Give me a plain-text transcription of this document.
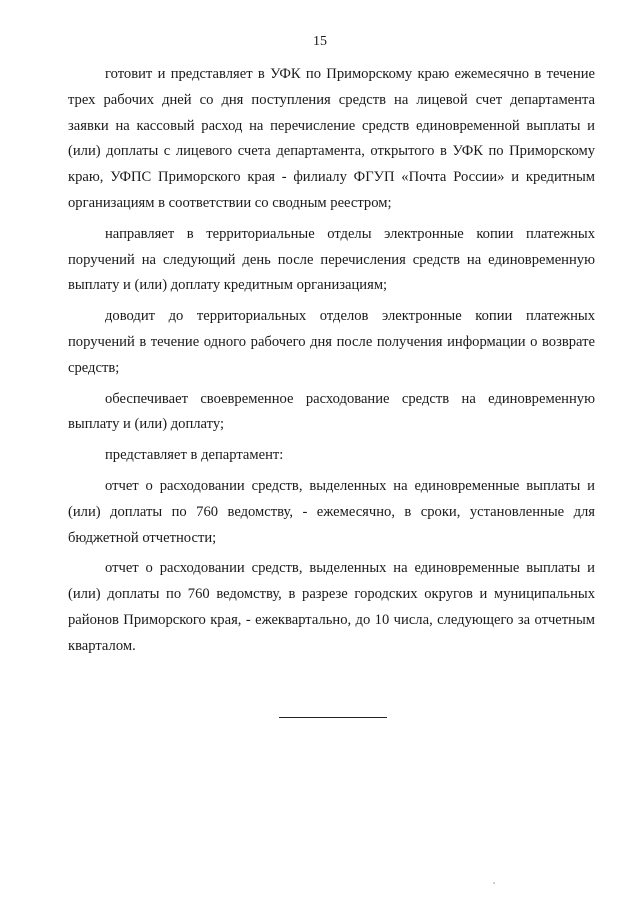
15

готовит и представляет в УФК по Приморскому краю ежемесячно в течение трех рабочих дней со дня поступления средств на лицевой счет департамента заявки на кассовый расход на перечисление средств единовременной выплаты и (или) доплаты с лицевого счета департамента, открытого в УФК по Приморскому краю, УФПС Приморского края - филиалу ФГУП «Почта России» и кредитным организациям в соответствии со сводным реестром;

направляет в территориальные отделы электронные копии платежных поручений на следующий день после перечисления средств на единовременную выплату и (или) доплату кредитным организациям;

доводит до территориальных отделов электронные копии платежных поручений в течение одного рабочего дня после получения информации о возврате средств;

обеспечивает своевременное расходование средств на единовременную выплату и (или) доплату;

представляет в департамент:

отчет о расходовании средств, выделенных на единовременные выплаты и (или) доплаты по 760 ведомству, - ежемесячно, в сроки, установленные для бюджетной отчетности;

отчет о расходовании средств, выделенных на единовременные выплаты и (или) доплаты по 760 ведомству, в разрезе городских округов и муниципальных районов Приморского края, - ежеквартально, до 10 числа, следующего за отчетным кварталом.
